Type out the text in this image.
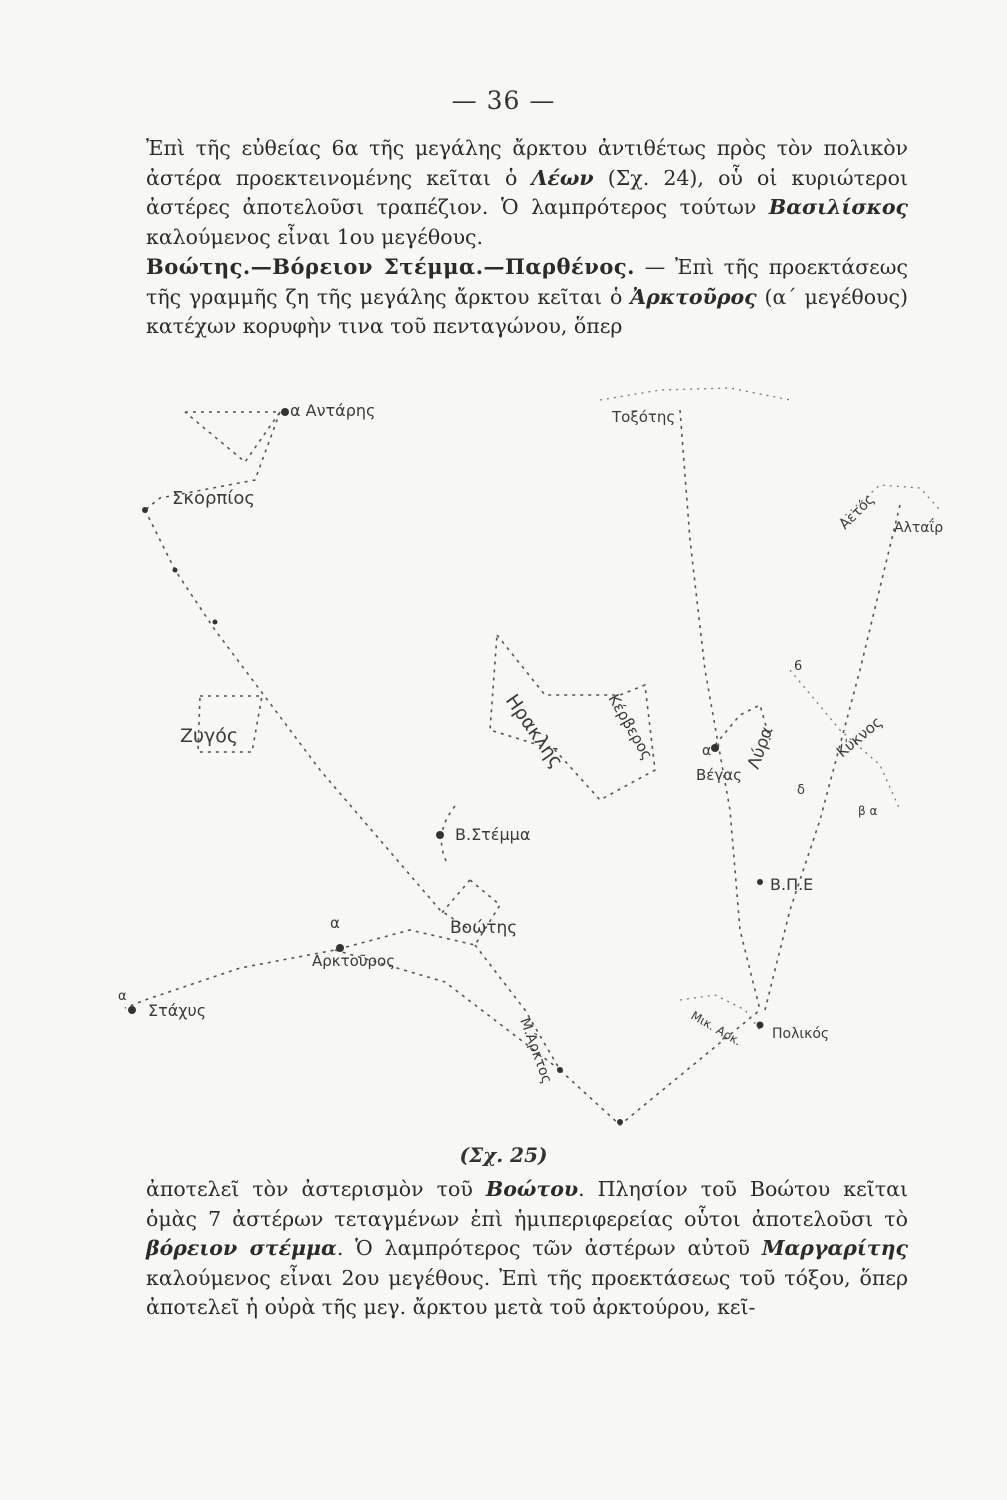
— 36 —
Ἐπὶ τῆς εὐθείας 6α τῆς μεγάλης ἄρκτου ἀντιθέτως πρὸς τὸν πολικὸν ἀστέρα προεκτεινομένης κεῖται ὁ Λέων (Σχ. 24), οὗ οἱ κυριώτεροι ἀστέρες ἀποτελοῦσι τραπέζιον. Ὁ λαμπρότερος τούτων Βασιλίσκος καλούμενος εἶναι 1ου μεγέθους.
Βοώτης.—Βόρειον Στέμμα.—Παρθένος. — Ἐπὶ τῆς προεκτάσεως τῆς γραμμῆς ζη τῆς μεγάλης ἄρκτου κεῖται ὁ Ἀρκτοῦρος (α΄ μεγέθους) κατέχων κορυφὴν τινα τοῦ πενταγώνου, ὅπερ
α Αντάρης
Σκορπίος
Ζυγός
Τοξότης
Αετός Αλταΐρ
Ηρακλής Κέρβερος	α
Βέγας
Λύρα	Κύκνος
6
δ
β α
Β.Π.Ε
Β.Στέμμα
α	Βοώτης
Αρκτοῦρος
α
Στάχυς	Μικ. Αρκ. Πολικός
Μ.Άρκτος
(Σχ. 25)
ἀποτελεῖ τὸν ἀστερισμὸν τοῦ Βοώτου. Πλησίον τοῦ Βοώτου κεῖται ὁμὰς 7 ἀστέρων τεταγμένων ἐπὶ ἡμιπεριφερείας οὗτοι ἀποτελοῦσι τὸ βόρειον στέμμα. Ὁ λαμπρότερος τῶν ἀστέρων αὐτοῦ Μαργαρίτης καλούμενος εἶναι 2ου μεγέθους. Ἐπὶ τῆς προεκτάσεως τοῦ τόξου, ὅπερ ἀποτελεῖ ἡ οὐρὰ τῆς μεγ. ἄρκτου μετὰ τοῦ ἀρκτούρου, κεῖ-
